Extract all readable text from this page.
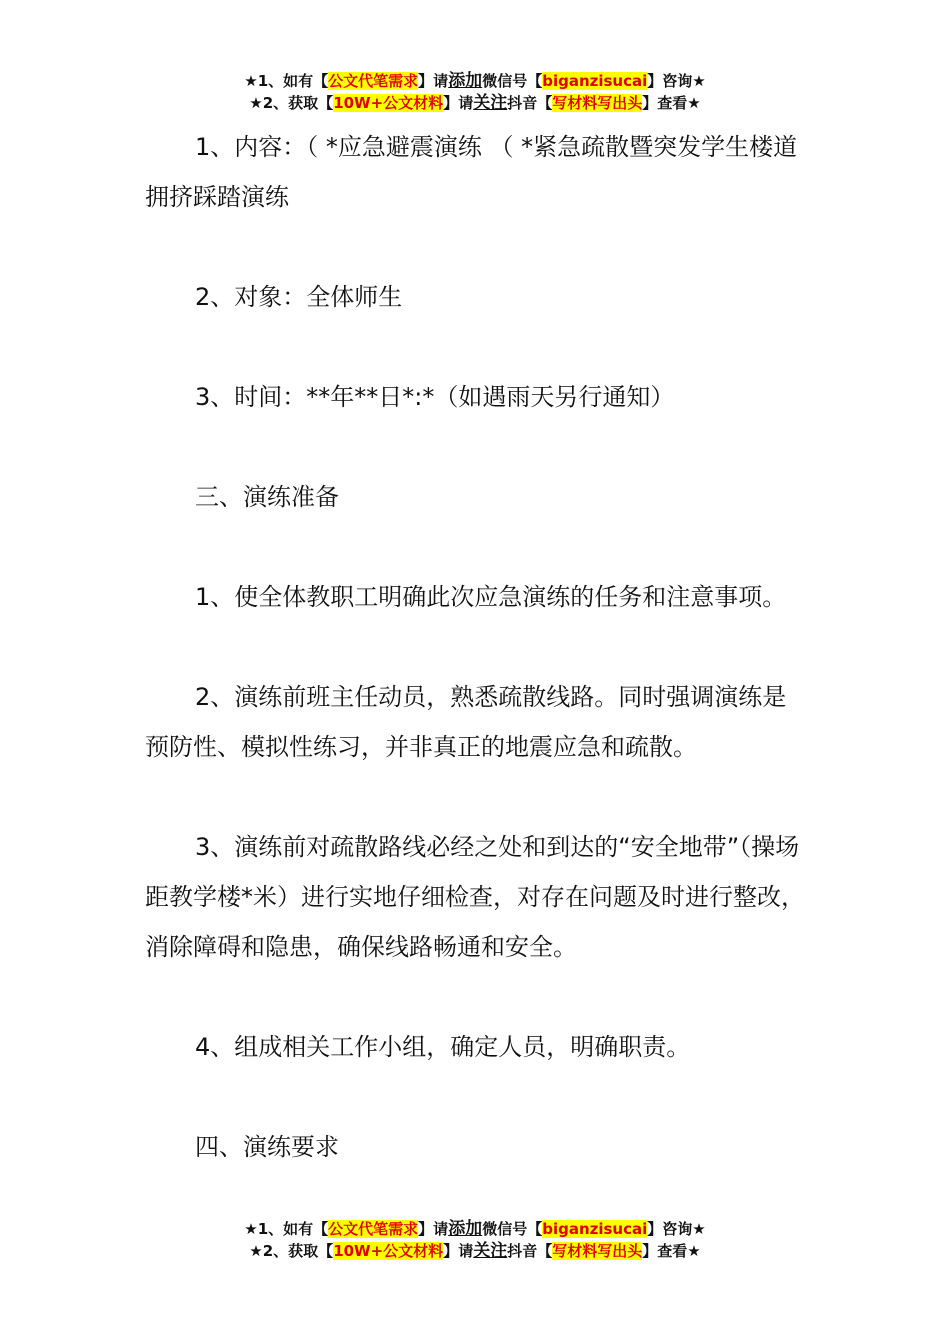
★1、如有【公文代笔需求】请添加微信号【biganzisucai】咨询★
★2、获取【10W+公文材料】请关注抖音【写材料写出头】查看★

1、内容：（ *应急避震演练 （ *紧急疏散暨突发学生楼道拥挤踩踏演练

2、对象：全体师生

3、时间：**年**日*:*（如遇雨天另行通知）

三、演练准备

1、使全体教职工明确此次应急演练的任务和注意事项。

2、演练前班主任动员，熟悉疏散线路。同时强调演练是预防性、模拟性练习，并非真正的地震应急和疏散。

3、演练前对疏散路线必经之处和到达的“安全地带”（操场距教学楼*米）进行实地仔细检查，对存在问题及时进行整改，消除障碍和隐患，确保线路畅通和安全。

4、组成相关工作小组，确定人员，明确职责。

四、演练要求

★1、如有【公文代笔需求】请添加微信号【biganzisucai】咨询★
★2、获取【10W+公文材料】请关注抖音【写材料写出头】查看★
